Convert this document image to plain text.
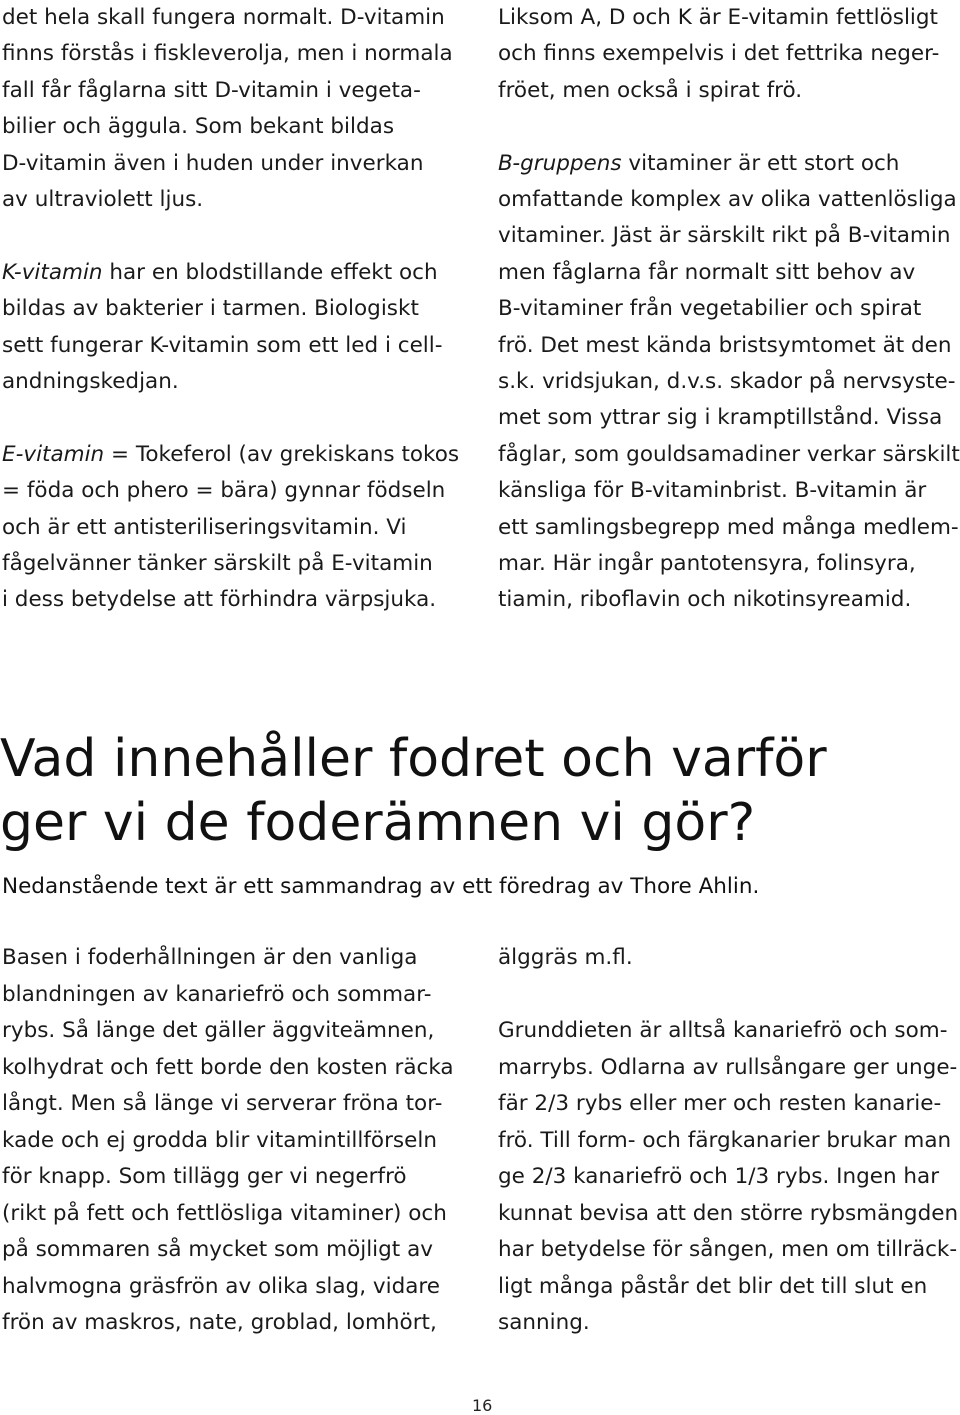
det hela skall fungera normalt. D-vitamin
finns förstås i fiskleverolja, men i normala
fall får fåglarna sitt D-vitamin i vegeta-
bilier och äggula. Som bekant bildas
D-vitamin även i huden under inverkan
av ultraviolett ljus.

K-vitamin har en blodstillande effekt och
bildas av bakterier i tarmen. Biologiskt
sett fungerar K-vitamin som ett led i cell-
andningskedjan.

E-vitamin = Tokeferol (av grekiskans tokos
= föda och phero = bära) gynnar födseln
och är ett antisteriliseringsvitamin. Vi
fågelvänner tänker särskilt på E-vitamin
i dess betydelse att förhindra värpsjuka.

Liksom A, D och K är E-vitamin fettlösligt
och finns exempelvis i det fettrika neger-
fröet, men också i spirat frö.

B-gruppens vitaminer är ett stort och
omfattande komplex av olika vattenlösliga
vitaminer. Jäst är särskilt rikt på B-vitamin
men fåglarna får normalt sitt behov av
B-vitaminer från vegetabilier och spirat
frö. Det mest kända bristsymtomet ät den
s.k. vridsjukan, d.v.s. skador på nervsyste-
met som yttrar sig i kramptillstånd. Vissa
fåglar, som gouldsamadiner verkar särskilt
känsliga för B-vitaminbrist. B-vitamin är
ett samlingsbegrepp med många medlem-
mar. Här ingår pantotensyra, folinsyra,
tiamin, riboflavin och nikotinsyreamid.

Vad innehåller fodret och varför
ger vi de foderämnen vi gör?

Nedanstående text är ett sammandrag av ett föredrag av Thore Ahlin.

Basen i foderhållningen är den vanliga
blandningen av kanariefrö och sommar-
rybs. Så länge det gäller äggviteämnen,
kolhydrat och fett borde den kosten räcka
långt. Men så länge vi serverar fröna tor-
kade och ej grodda blir vitamintillförseln
för knapp. Som tillägg ger vi negerfrö
(rikt på fett och fettlösliga vitaminer) och
på sommaren så mycket som möjligt av
halvmogna gräsfrön av olika slag, vidare
frön av maskros, nate, groblad, lomhört,

älggräs m.fl.

Grunddieten är alltså kanariefrö och som-
marrybs. Odlarna av rullsångare ger unge-
fär 2/3 rybs eller mer och resten kanarie-
frö. Till form- och färgkanarier brukar man
ge 2/3 kanariefrö och 1/3 rybs. Ingen har
kunnat bevisa att den större rybsmängden
har betydelse för sången, men om tillräck-
ligt många påstår det blir det till slut en
sanning.

16
